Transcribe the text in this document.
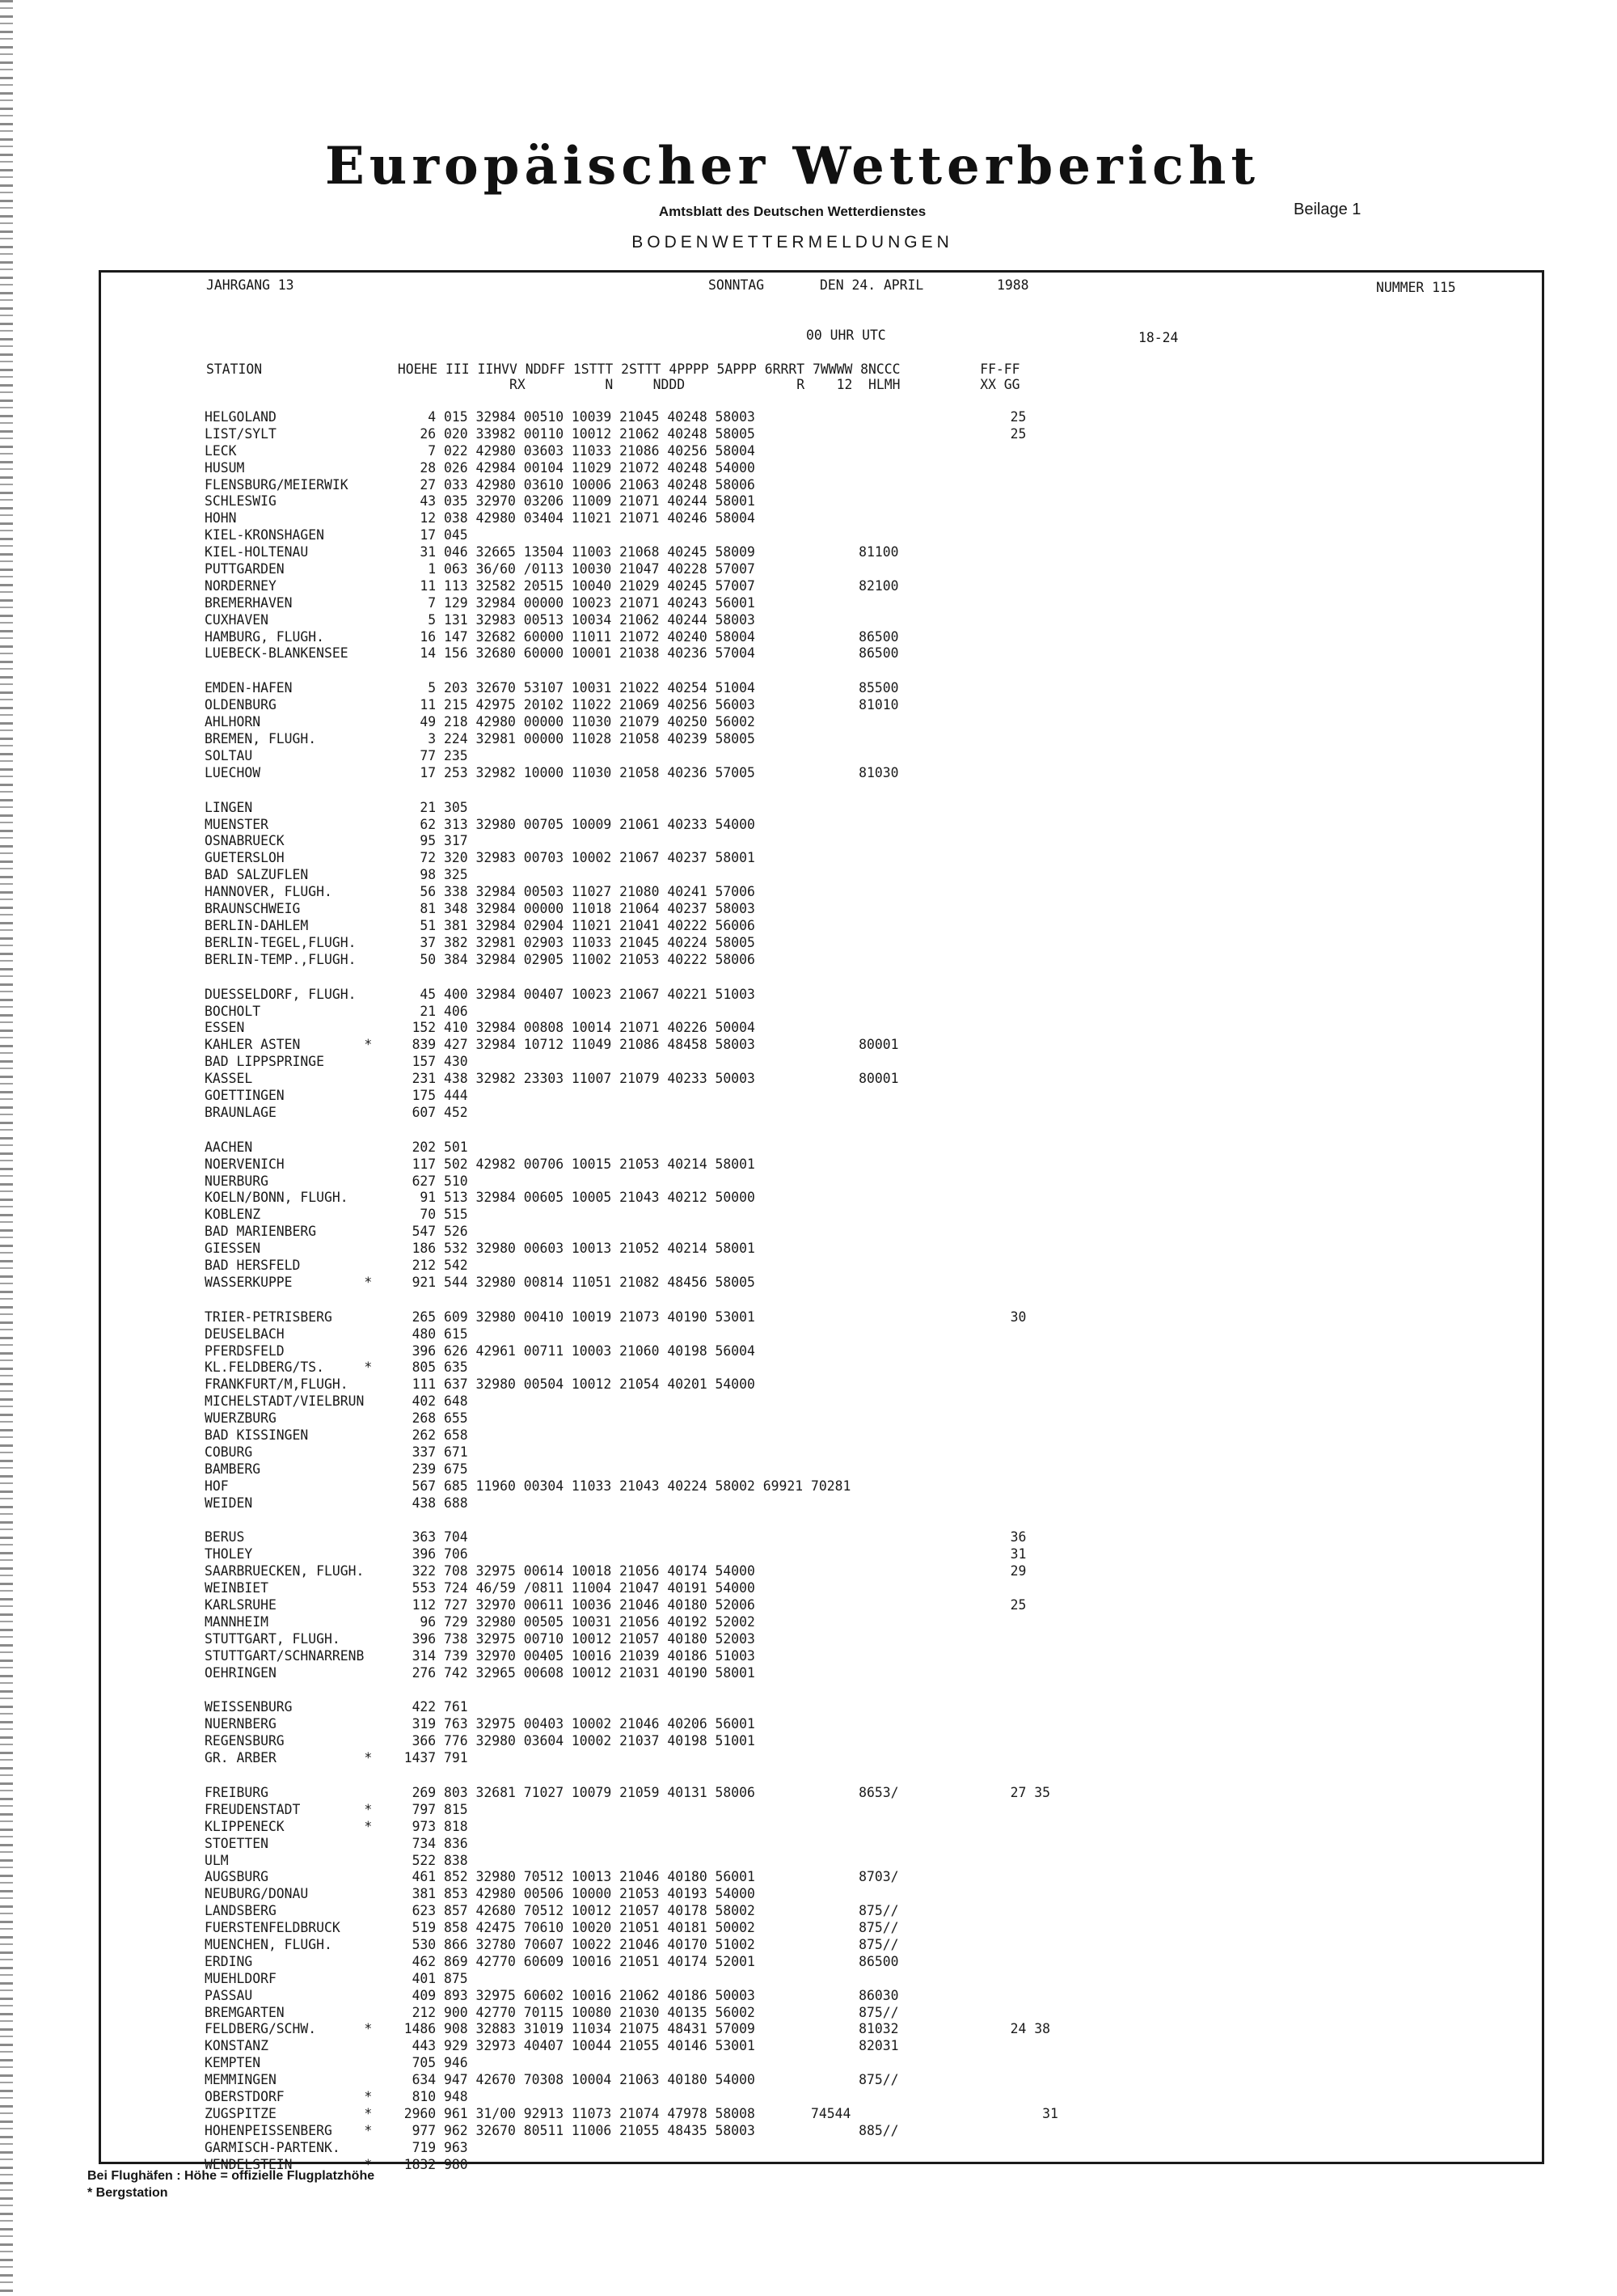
Europäischer Wetterbericht
Amtsblatt des Deutschen Wetterdienstes	Beilage 1
BODENWETTERMELDUNGEN
JAHRGANG 13	SONNTAG	DEN 24. APRIL	1988	NUMMER 115
00 UHR UTC	18-24
STATION                 HOEHE III IIHVV NDDFF 1STTT 2STTT 4PPPP 5APPP 6RRRT 7WWWW 8NCCC          FF-FF
RX          N     NDDD              R    12  HLMH          XX GG
HELGOLAND                   4 015 32984 00510 10039 21045 40248 58003                                25
LIST/SYLT                  26 020 33982 00110 10012 21062 40248 58005                                25
LECK                        7 022 42980 03603 11033 21086 40256 58004
HUSUM                      28 026 42984 00104 11029 21072 40248 54000
FLENSBURG/MEIERWIK         27 033 42980 03610 10006 21063 40248 58006
SCHLESWIG                  43 035 32970 03206 11009 21071 40244 58001
HOHN                       12 038 42980 03404 11021 21071 40246 58004
KIEL-KRONSHAGEN            17 045
KIEL-HOLTENAU              31 046 32665 13504 11003 21068 40245 58009             81100
PUTTGARDEN                  1 063 36/60 /0113 10030 21047 40228 57007
NORDERNEY                  11 113 32582 20515 10040 21029 40245 57007             82100
BREMERHAVEN                 7 129 32984 00000 10023 21071 40243 56001
CUXHAVEN                    5 131 32983 00513 10034 21062 40244 58003
HAMBURG, FLUGH.            16 147 32682 60000 11011 21072 40240 58004             86500
LUEBECK-BLANKENSEE         14 156 32680 60000 10001 21038 40236 57004             86500
EMDEN-HAFEN                 5 203 32670 53107 10031 21022 40254 51004             85500
OLDENBURG                  11 215 42975 20102 11022 21069 40256 56003             81010
AHLHORN                    49 218 42980 00000 11030 21079 40250 56002
BREMEN, FLUGH.              3 224 32981 00000 11028 21058 40239 58005
SOLTAU                     77 235
LUECHOW                    17 253 32982 10000 11030 21058 40236 57005             81030
LINGEN                     21 305
MUENSTER                   62 313 32980 00705 10009 21061 40233 54000
OSNABRUECK                 95 317
GUETERSLOH                 72 320 32983 00703 10002 21067 40237 58001
BAD SALZUFLEN              98 325
HANNOVER, FLUGH.           56 338 32984 00503 11027 21080 40241 57006
BRAUNSCHWEIG               81 348 32984 00000 11018 21064 40237 58003
BERLIN-DAHLEM              51 381 32984 02904 11021 21041 40222 56006
BERLIN-TEGEL,FLUGH.        37 382 32981 02903 11033 21045 40224 58005
BERLIN-TEMP.,FLUGH.        50 384 32984 02905 11002 21053 40222 58006
DUESSELDORF, FLUGH.        45 400 32984 00407 10023 21067 40221 51003
BOCHOLT                    21 406
ESSEN                     152 410 32984 00808 10014 21071 40226 50004
KAHLER ASTEN        *     839 427 32984 10712 11049 21086 48458 58003             80001
BAD LIPPSPRINGE           157 430
KASSEL                    231 438 32982 23303 11007 21079 40233 50003             80001
GOETTINGEN                175 444
BRAUNLAGE                 607 452
AACHEN                    202 501
NOERVENICH                117 502 42982 00706 10015 21053 40214 58001
NUERBURG                  627 510
KOELN/BONN, FLUGH.         91 513 32984 00605 10005 21043 40212 50000
KOBLENZ                    70 515
BAD MARIENBERG            547 526
GIESSEN                   186 532 32980 00603 10013 21052 40214 58001
BAD HERSFELD              212 542
WASSERKUPPE         *     921 544 32980 00814 11051 21082 48456 58005
TRIER-PETRISBERG          265 609 32980 00410 10019 21073 40190 53001                                30
DEUSELBACH                480 615
PFERDSFELD                396 626 42961 00711 10003 21060 40198 56004
KL.FELDBERG/TS.     *     805 635
FRANKFURT/M,FLUGH.        111 637 32980 00504 10012 21054 40201 54000
MICHELSTADT/VIELBRUN      402 648
WUERZBURG                 268 655
BAD KISSINGEN             262 658
COBURG                    337 671
BAMBERG                   239 675
HOF                       567 685 11960 00304 11033 21043 40224 58002 69921 70281
WEIDEN                    438 688
BERUS                     363 704                                                                    36
THOLEY                    396 706                                                                    31
SAARBRUECKEN, FLUGH.      322 708 32975 00614 10018 21056 40174 54000                                29
WEINBIET                  553 724 46/59 /0811 11004 21047 40191 54000
KARLSRUHE                 112 727 32970 00611 10036 21046 40180 52006                                25
MANNHEIM                   96 729 32980 00505 10031 21056 40192 52002
STUTTGART, FLUGH.         396 738 32975 00710 10012 21057 40180 52003
STUTTGART/SCHNARRENB      314 739 32970 00405 10016 21039 40186 51003
OEHRINGEN                 276 742 32965 00608 10012 21031 40190 58001
WEISSENBURG               422 761
NUERNBERG                 319 763 32975 00403 10002 21046 40206 56001
REGENSBURG                366 776 32980 03604 10002 21037 40198 51001
GR. ARBER           *    1437 791
FREIBURG                  269 803 32681 71027 10079 21059 40131 58006             8653/              27 35
FREUDENSTADT        *     797 815
KLIPPENECK          *     973 818
STOETTEN                  734 836
ULM                       522 838
AUGSBURG                  461 852 32980 70512 10013 21046 40180 56001             8703/
NEUBURG/DONAU             381 853 42980 00506 10000 21053 40193 54000
LANDSBERG                 623 857 42680 70512 10012 21057 40178 58002             875//
FUERSTENFELDBRUCK         519 858 42475 70610 10020 21051 40181 50002             875//
MUENCHEN, FLUGH.          530 866 32780 70607 10022 21046 40170 51002             875//
ERDING                    462 869 42770 60609 10016 21051 40174 52001             86500
MUEHLDORF                 401 875
PASSAU                    409 893 32975 60602 10016 21062 40186 50003             86030
BREMGARTEN                212 900 42770 70115 10080 21030 40135 56002             875//
FELDBERG/SCHW.      *    1486 908 32883 31019 11034 21075 48431 57009             81032              24 38
KONSTANZ                  443 929 32973 40407 10044 21055 40146 53001             82031
KEMPTEN                   705 946
MEMMINGEN                 634 947 42670 70308 10004 21063 40180 54000             875//
OBERSTDORF          *     810 948
ZUGSPITZE           *    2960 961 31/00 92913 11073 21074 47978 58008       74544                        31
HOHENPEISSENBERG    *     977 962 32670 80511 11006 21055 48435 58003             885//
GARMISCH-PARTENK.         719 963
WENDELSTEIN         *    1832 980
Bei Flughäfen : Höhe = offizielle Flugplatzhöhe
* Bergstation
